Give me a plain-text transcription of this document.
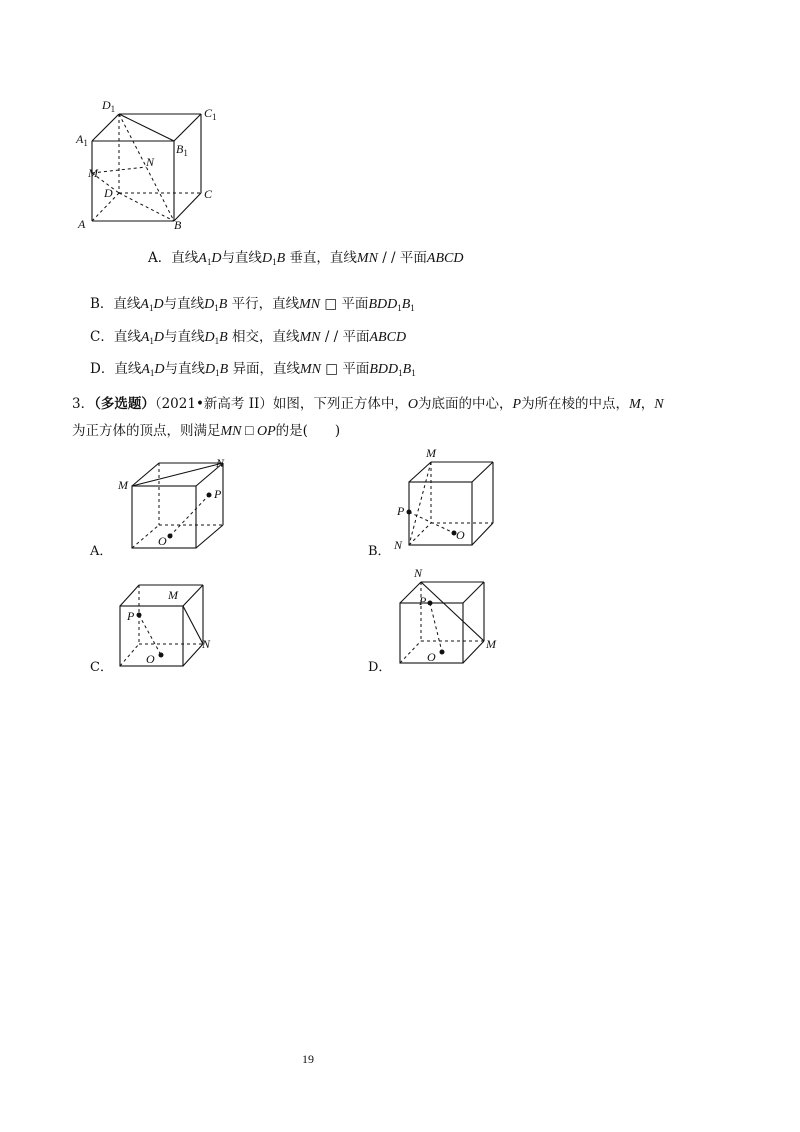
$D_1$	$C_1$
$A_1$	$B_1$
N
M
D	C
A	B
A．直线$A_1D$与直线$D_1B$ 垂直，直线MN / / 平面ABCD
B．直线$A_1D$与直线$D_1B$ 平行，直线MN □ 平面$BDD_1B_1$
C．直线$A_1D$与直线$D_1B$ 相交，直线MN / / 平面ABCD
D．直线$A_1D$与直线$D_1B$ 异面，直线MN □ 平面$BDD_1B_1$
3．（多选题）（2021•新高考 II）如图，下列正方体中，O为底面的中心，P为所在棱的中点，M，N
为正方体的顶点，则满足MN □ OP的是(　　)
A．
M
N
P
O
B．
M
P
N
O
C．
M
P
N
O
D．
N
P
M
O
19
